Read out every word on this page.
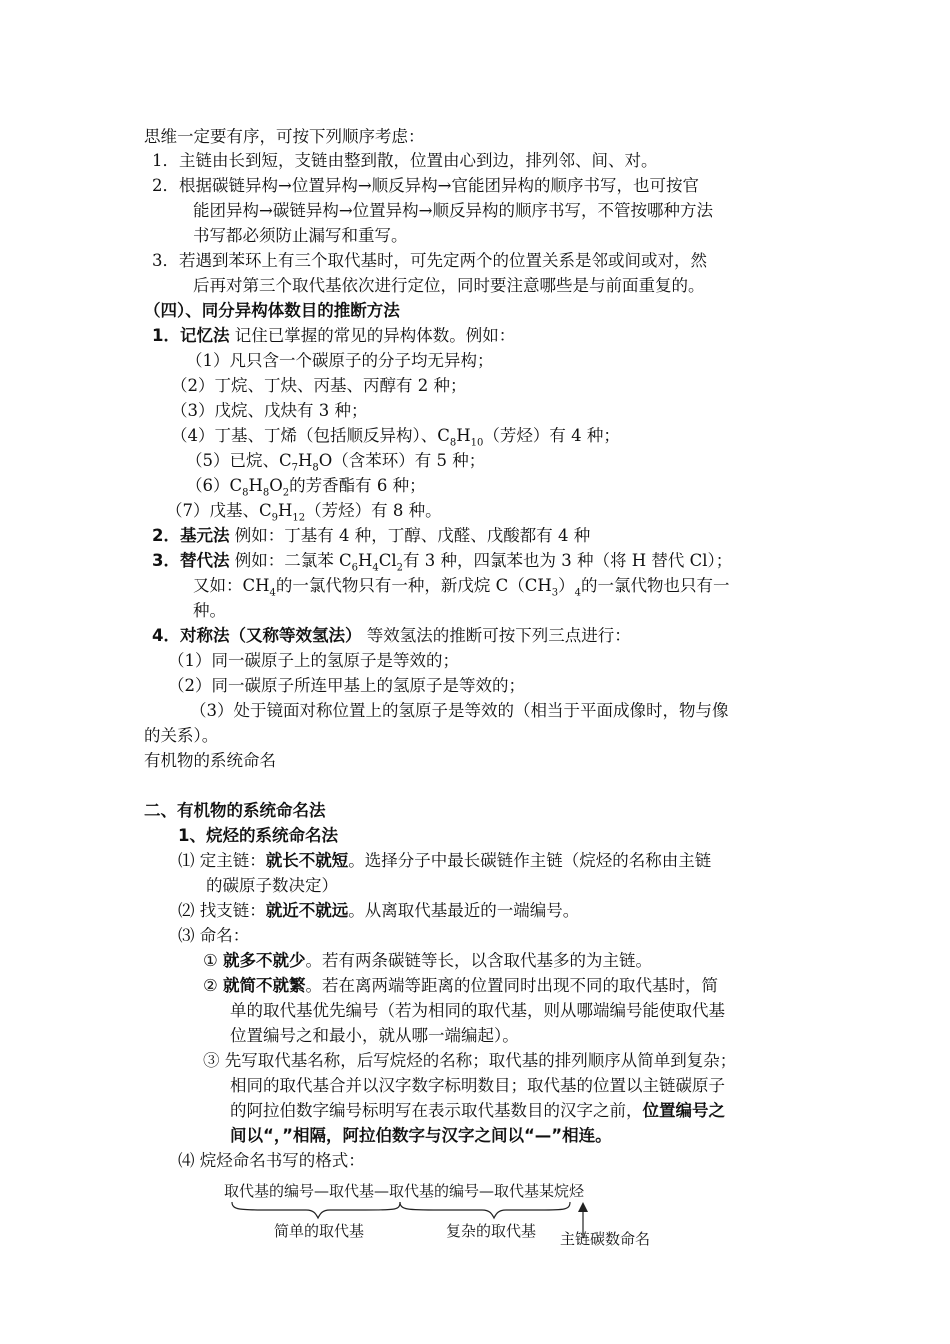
思维一定要有序，可按下列顺序考虑：
1．主链由长到短，支链由整到散，位置由心到边，排列邻、间、对。
2．根据碳链异构→位置异构→顺反异构→官能团异构的顺序书写，也可按官
能团异构→碳链异构→位置异构→顺反异构的顺序书写，不管按哪种方法
书写都必须防止漏写和重写。
3．若遇到苯环上有三个取代基时，可先定两个的位置关系是邻或间或对，然
后再对第三个取代基依次进行定位，同时要注意哪些是与前面重复的。
（四）、同分异构体数目的推断方法
1．记忆法 记住已掌握的常见的异构体数。例如：
（1）凡只含一个碳原子的分子均无异构；
（2）丁烷、丁炔、丙基、丙醇有 2 种；
（3）戊烷、戊炔有 3 种；
（4）丁基、丁烯（包括顺反异构）、$C_8H_{10}$（芳烃）有 4 种；
（5）已烷、$C_7H_8O$（含苯环）有 5 种；
$(6)C_8H_8O_2$的芳香酯有 6 种；
（7）戊基、$C_9H_{12}$（芳烃）有 8 种。
2．基元法 例如：丁基有 4 种，丁醇、戊醛、戊酸都有 4 种
3．替代法 例如：二氯苯 $C_6H_4Cl_2$有 3 种，四氯苯也为 3 种（将 H 替代 Cl）；
又如：$CH_4$的一氯代物只有一种，新戊烷 $C(CH_3)_4$的一氯代物也只有一
种。
4．对称法（又称等效氢法） 等效氢法的推断可按下列三点进行：
（1）同一碳原子上的氢原子是等效的；
（2）同一碳原子所连甲基上的氢原子是等效的；
（3）处于镜面对称位置上的氢原子是等效的（相当于平面成像时，物与像
的关系）。
有机物的系统命名
二、有机物的系统命名法
1、烷烃的系统命名法
⑴ 定主链：就长不就短。选择分子中最长碳链作主链（烷烃的名称由主链
的碳原子数决定）
⑵ 找支链：就近不就远。从离取代基最近的一端编号。
⑶ 命名：
① 就多不就少。若有两条碳链等长，以含取代基多的为主链。
② 就简不就繁。若在离两端等距离的位置同时出现不同的取代基时，简
单的取代基优先编号（若为相同的取代基，则从哪端编号能使取代基
位置编号之和最小，就从哪一端编起）。
③ 先写取代基名称，后写烷烃的名称；取代基的排列顺序从简单到复杂；
相同的取代基合并以汉字数字标明数目；取代基的位置以主链碳原子
的阿拉伯数字编号标明写在表示取代基数目的汉字之前，位置编号之
间以“，”相隔，阿拉伯数字与汉字之间以“—”相连。
⑷ 烷烃命名书写的格式：
取代基的编号—取代基—取代基的编号—取代基某烷烃
简单的取代基	复杂的取代基 主链碳数命名
